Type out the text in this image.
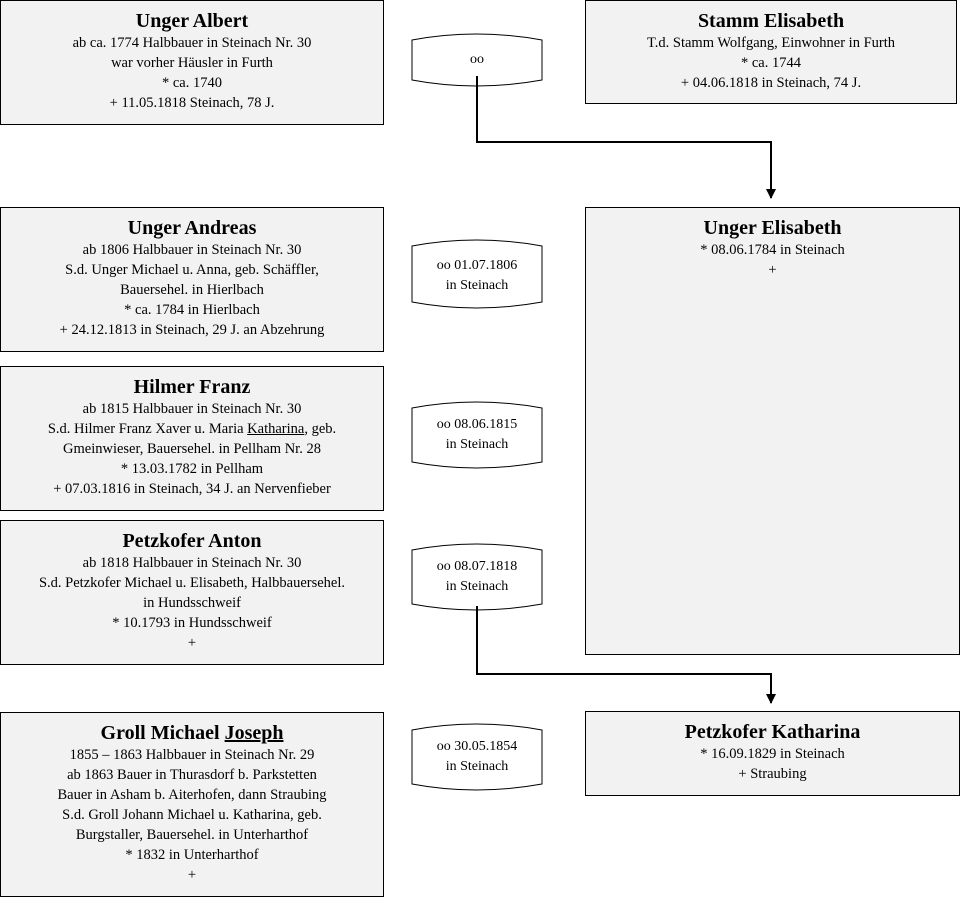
Unger Albert
ab ca. 1774 Halbbauer in Steinach Nr. 30
war vorher Häusler in Furth
* ca. 1740
+ 11.05.1818 Steinach, 78 J.
Stamm Elisabeth
T.d. Stamm Wolfgang, Einwohner in Furth
* ca. 1744
+ 04.06.1818 in Steinach, 74 J.
Unger Andreas
ab 1806 Halbbauer in Steinach Nr. 30
S.d. Unger Michael u. Anna, geb. Schäffler,
Bauersehel. in Hierlbach
* ca. 1784 in Hierlbach
+ 24.12.1813 in Steinach, 29 J. an Abzehrung
Unger Elisabeth
* 08.06.1784 in Steinach
+
Hilmer Franz
ab 1815 Halbbauer in Steinach Nr. 30
S.d. Hilmer Franz Xaver u. Maria Katharina, geb.
Gmeinwieser, Bauersehel. in Pellham Nr. 28
* 13.03.1782 in Pellham
+ 07.03.1816 in Steinach, 34 J. an Nervenfieber
Petzkofer Anton
ab 1818 Halbbauer in Steinach Nr. 30
S.d. Petzkofer Michael u. Elisabeth, Halbbauersehel.
in Hundsschweif
* 10.1793 in Hundsschweif
+
Groll Michael Joseph
1855 – 1863 Halbbauer in Steinach Nr. 29
ab 1863 Bauer in Thurasdorf b. Parkstetten
Bauer in Asham b. Aiterhofen, dann Straubing
S.d. Groll Johann Michael u. Katharina, geb.
Burgstaller, Bauersehel. in Unterharthof
* 1832 in Unterharthof
+
Petzkofer Katharina
* 16.09.1829 in Steinach
+ Straubing
oo
oo 01.07.1806
in Steinach
oo 08.06.1815
in Steinach
oo 08.07.1818
in Steinach
oo 30.05.1854
in Steinach
